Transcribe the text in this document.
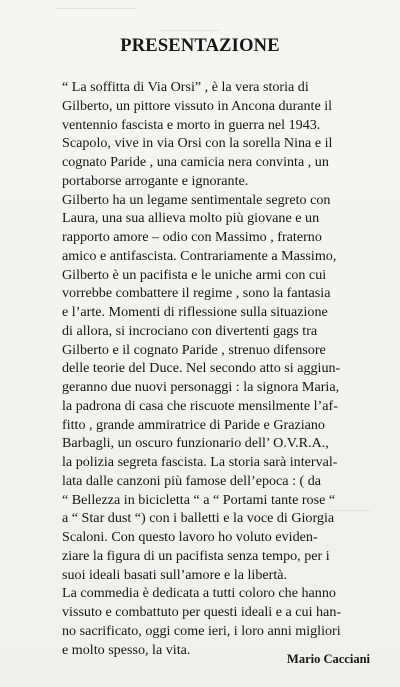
PRESENTAZIONE
“ La soffitta di Via Orsi” , è la vera storia di
Gilberto, un pittore vissuto in Ancona durante il
ventennio fascista e morto in guerra nel 1943.
Scapolo, vive in via Orsi con la sorella Nina e il
cognato Paride , una camicia nera convinta , un
portaborse arrogante e ignorante.
Gilberto ha un legame sentimentale segreto con
Laura, una sua allieva molto più giovane e un
rapporto amore – odio con Massimo , fraterno
amico e antifascista. Contrariamente a Massimo,
Gilberto è un pacifista e le uniche armi con cui
vorrebbe combattere il regime , sono la fantasia
e l’arte. Momenti di riflessione sulla situazione
di allora, si incrociano con divertenti gags tra
Gilberto e il cognato Paride , strenuo difensore
delle teorie del Duce. Nel secondo atto si aggiun-
geranno due nuovi personaggi : la signora Maria,
la padrona di casa che riscuote mensilmente l’af-
fitto , grande ammiratrice di Paride e Graziano
Barbagli, un oscuro funzionario dell’ O.V.R.A.,
la polizia segreta fascista. La storia sarà interval-
lata dalle canzoni più famose dell’epoca : ( da
“ Bellezza in bicicletta “ a “ Portami tante rose “
a “ Star dust “) con i balletti e la voce di Giorgia
Scaloni. Con questo lavoro ho voluto eviden-
ziare la figura di un pacifista senza tempo, per i
suoi ideali basati sull’amore e la libertà.
La commedia è dedicata a tutti coloro che hanno
vissuto e combattuto per questi ideali e a cui han-
no sacrificato, oggi come ieri, i loro anni migliori
e molto spesso, la vita.
Mario Cacciani
